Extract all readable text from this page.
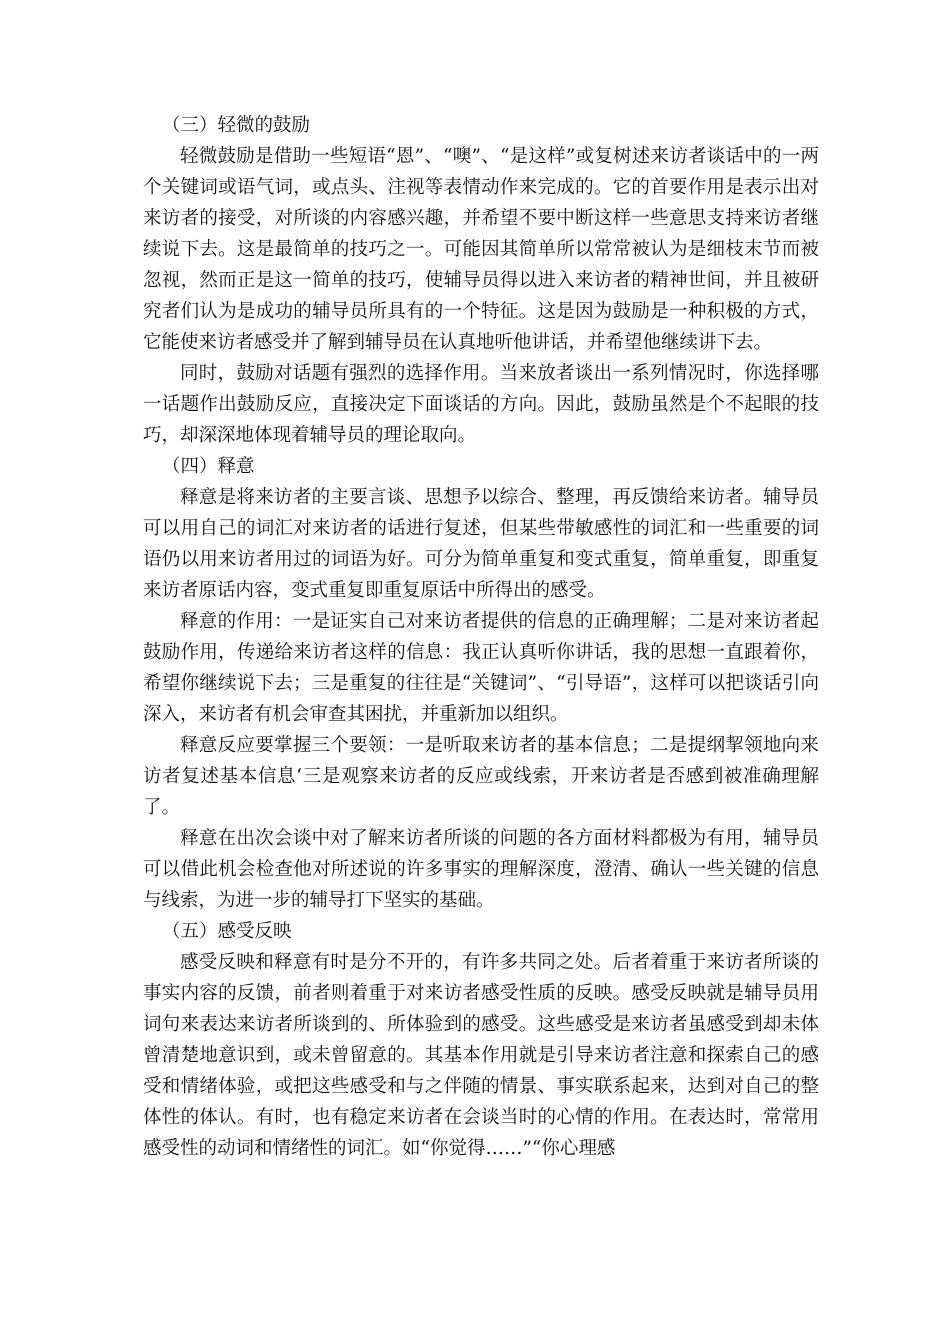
（三）轻微的鼓励

轻微鼓励是借助一些短语“恩”、“噢”、“是这样”或复树述来访者谈话中的一两个关键词或语气词，或点头、注视等表情动作来完成的。它的首要作用是表示出对来访者的接受，对所谈的内容感兴趣，并希望不要中断这样一些意思支持来访者继续说下去。这是最简单的技巧之一。可能因其简单所以常常被认为是细枝末节而被忽视，然而正是这一简单的技巧，使辅导员得以进入来访者的精神世间，并且被研究者们认为是成功的辅导员所具有的一个特征。这是因为鼓励是一种积极的方式，它能使来访者感受并了解到辅导员在认真地听他讲话，并希望他继续讲下去。

同时，鼓励对话题有强烈的选择作用。当来放者谈出一系列情况时，你选择哪一话题作出鼓励反应，直接决定下面谈话的方向。因此，鼓励虽然是个不起眼的技巧，却深深地体现着辅导员的理论取向。

（四）释意

释意是将来访者的主要言谈、思想予以综合、整理，再反馈给来访者。辅导员可以用自己的词汇对来访者的话进行复述，但某些带敏感性的词汇和一些重要的词语仍以用来访者用过的词语为好。可分为简单重复和变式重复，简单重复，即重复来访者原话内容，变式重复即重复原话中所得出的感受。

释意的作用：一是证实自己对来访者提供的信息的正确理解；二是对来访者起鼓励作用，传递给来访者这样的信息：我正认真听你讲话，我的思想一直跟着你，希望你继续说下去；三是重复的往往是“关键词”、“引导语”，这样可以把谈话引向深入，来访者有机会审查其困扰，并重新加以组织。

释意反应要掌握三个要领：一是听取来访者的基本信息；二是提纲挈领地向来访者复述基本信息‘三是观察来访者的反应或线索，开来访者是否感到被准确理解了。

释意在出次会谈中对了解来访者所谈的问题的各方面材料都极为有用，辅导员可以借此机会检查他对所述说的许多事实的理解深度，澄清、确认一些关键的信息与线索，为进一步的辅导打下坚实的基础。

（五）感受反映

感受反映和释意有时是分不开的，有许多共同之处。后者着重于来访者所谈的事实内容的反馈，前者则着重于对来访者感受性质的反映。感受反映就是辅导员用词句来表达来访者所谈到的、所体验到的感受。这些感受是来访者虽感受到却未体曾清楚地意识到，或未曾留意的。其基本作用就是引导来访者注意和探索自己的感受和情绪体验，或把这些感受和与之伴随的情景、事实联系起来，达到对自己的整体性的体认。有时，也有稳定来访者在会谈当时的心情的作用。在表达时，常常用感受性的动词和情绪性的词汇。如“你觉得……”“你心理感
